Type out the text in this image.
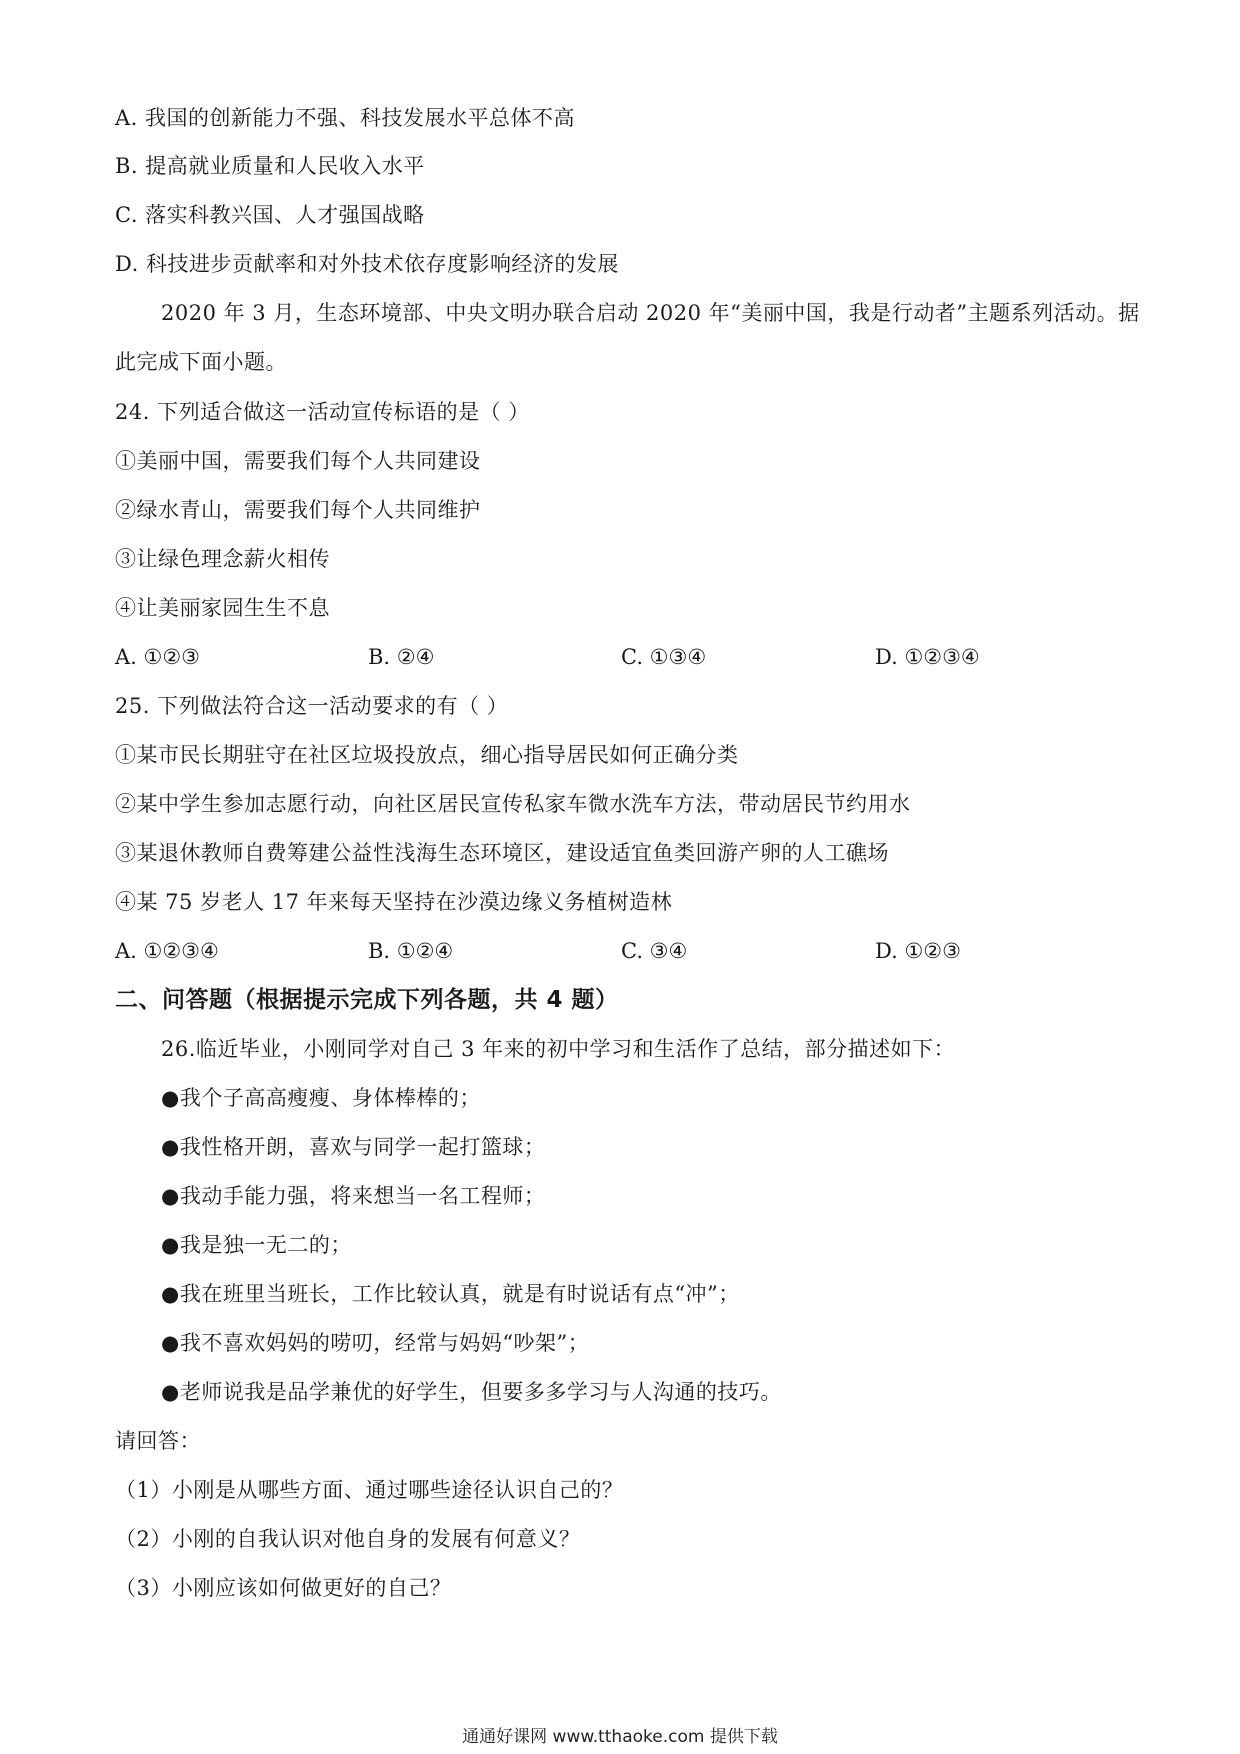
A. 我国的创新能力不强、科技发展水平总体不高
B. 提高就业质量和人民收入水平
C. 落实科教兴国、人才强国战略
D. 科技进步贡献率和对外技术依存度影响经济的发展
2020 年 3 月，生态环境部、中央文明办联合启动 2020 年“美丽中国，我是行动者”主题系列活动。据
此完成下面小题。
24. 下列适合做这一活动宣传标语的是（ ）
①美丽中国，需要我们每个人共同建设
②绿水青山，需要我们每个人共同维护
③让绿色理念薪火相传
④让美丽家园生生不息
A. ①②③	B. ②④	C. ①③④	D. ①②③④
25. 下列做法符合这一活动要求的有（ ）
①某市民长期驻守在社区垃圾投放点，细心指导居民如何正确分类
②某中学生参加志愿行动，向社区居民宣传私家车微水洗车方法，带动居民节约用水
③某退休教师自费筹建公益性浅海生态环境区，建设适宜鱼类回游产卵的人工礁场
④某 75 岁老人 17 年来每天坚持在沙漠边缘义务植树造林
A. ①②③④	B. ①②④	C. ③④	D. ①②③
二、问答题（根据提示完成下列各题，共 4 题）
26.临近毕业，小刚同学对自己 3 年来的初中学习和生活作了总结，部分描述如下：
●我个子高高瘦瘦、身体棒棒的；
●我性格开朗，喜欢与同学一起打篮球；
●我动手能力强，将来想当一名工程师；
●我是独一无二的；
●我在班里当班长，工作比较认真，就是有时说话有点“冲”；
●我不喜欢妈妈的唠叨，经常与妈妈“吵架”；
●老师说我是品学兼优的好学生，但要多多学习与人沟通的技巧。
请回答：
（1）小刚是从哪些方面、通过哪些途径认识自己的？
（2）小刚的自我认识对他自身的发展有何意义？
（3）小刚应该如何做更好的自己？
通通好课网 www.tthaoke.com 提供下载
